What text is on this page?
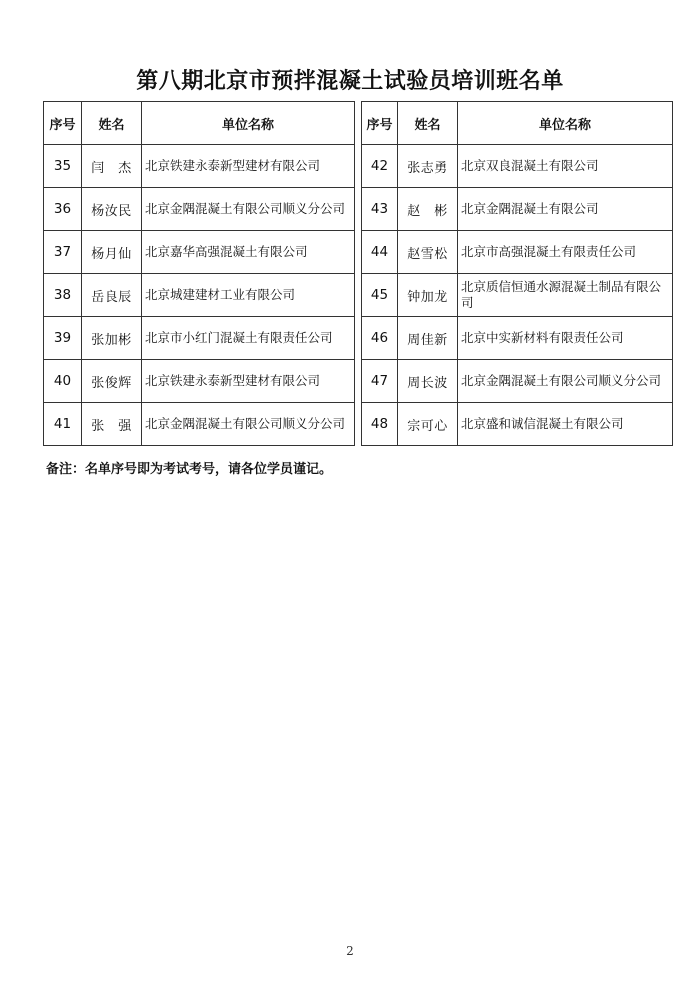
第八期北京市预拌混凝土试验员培训班名单
序号	姓名	单位名称
35	闫　杰	北京铁建永泰新型建材有限公司
36	杨汝民	北京金隅混凝土有限公司顺义分公司
37	杨月仙	北京嘉华高强混凝土有限公司
38	岳良辰	北京城建建材工业有限公司
39	张加彬	北京市小红门混凝土有限责任公司
40	张俊辉	北京铁建永泰新型建材有限公司
41	张　强	北京金隅混凝土有限公司顺义分公司
序号	姓名	单位名称
42	张志勇	北京双良混凝土有限公司
43	赵　彬	北京金隅混凝土有限公司
44	赵雪松	北京市高强混凝土有限责任公司
45	钟加龙	北京质信恒通水源混凝土制品有限公司
46	周佳新	北京中实新材料有限责任公司
47	周长波	北京金隅混凝土有限公司顺义分公司
48	宗可心	北京盛和诚信混凝土有限公司
备注：名单序号即为考试考号，请各位学员谨记。
2
